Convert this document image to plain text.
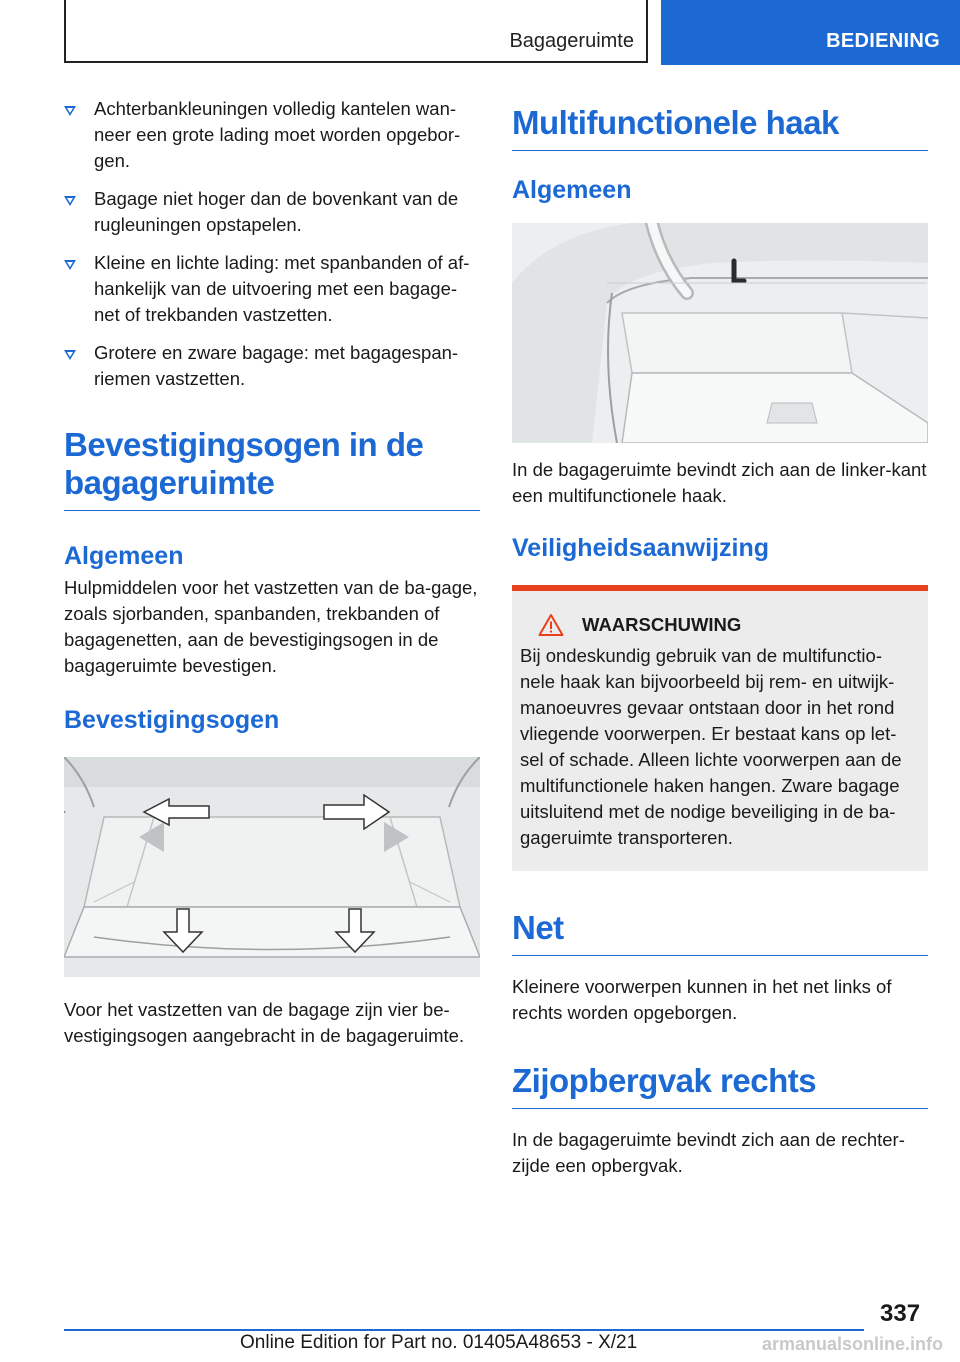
Bagageruimte	BEDIENING
Achterbankleuningen volledig kantelen wan-neer een grote lading moet worden opgebor-gen.
Bagage niet hoger dan de bovenkant van de rugleuningen opstapelen.
Kleine en lichte lading: met spanbanden of af-hankelijk van de uitvoering met een bagage-net of trekbanden vastzetten.
Grotere en zware bagage: met bagagespan-riemen vastzetten.
Bevestigingsogen in de
bagageruimte
Algemeen

Hulpmiddelen voor het vastzetten van de ba-gage, zoals sjorbanden, spanbanden, trekbanden of bagagenetten, aan de bevestigingsogen in de bagageruimte bevestigen.

Bevestigingsogen

Voor het vastzetten van de bagage zijn vier be-vestigingsogen aangebracht in de bagageruimte.

Multifunctionele haak
Algemeen

In de bagageruimte bevindt zich aan de linker-kant een multifunctionele haak.

Veiligheidsaanwijzing
WAARSCHUWING

Bij ondeskundig gebruik van de multifunctio-nele haak kan bijvoorbeeld bij rem- en uitwijk-manoeuvres gevaar ontstaan door in het rond vliegende voorwerpen. Er bestaat kans op let-sel of schade. Alleen lichte voorwerpen aan de multifunctionele haken hangen. Zware bagage uitsluitend met de nodige beveiliging in de ba-gageruimte transporteren.

Net

Kleinere voorwerpen kunnen in het net links of rechts worden opgeborgen.

Zijopbergvak rechts

In de bagageruimte bevindt zich aan de rechter-zijde een opbergvak.

337
Online Edition for Part no. 01405A48653 - X/21	armanualsonline.info
